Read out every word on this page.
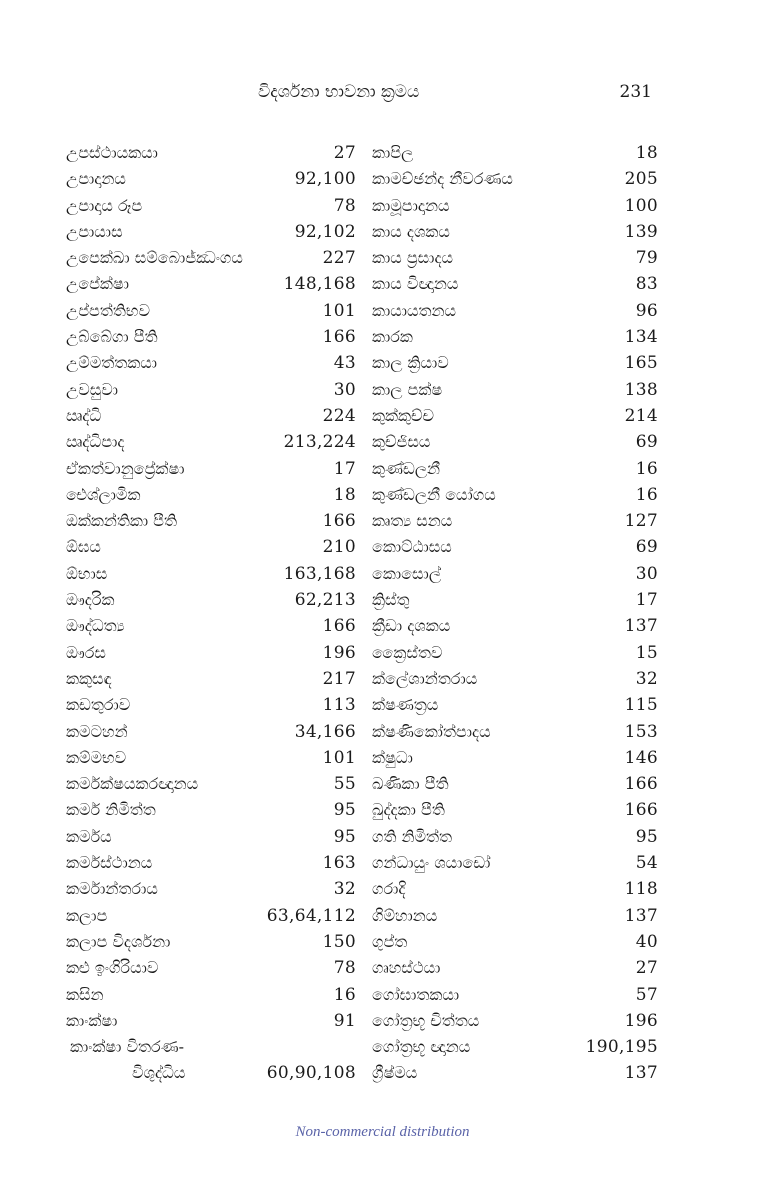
විදර්ශනා භාවනා ක්‍රමය	231
උපස්ථායකයා	27
උපාදානය	92,100
උපාදාය රූප	78
උපායාස	92,102
උපෙක්ඛා සම්බොජ්ඣංගය	227
උපේක්ෂා	148,168
උප්පත්තිභව	101
උබ්බේගා පීති	166
උම්මත්තකයා	43
උවසුවා	30
ඍද්ධි	224
ඍද්ධිපාද	213,224
ඒකත්වානුප්‍රේක්ෂා	17
ඓශ්ලාමික	18
ඔක්කන්තිකා පීති	166
ඕඝය	210
ඕභාස	163,168
ඖදරික	62,213
ඖද්ධත්‍ය	166
ඖරස	196
කකුසඳ	217
කඩතුරාව	113
කමටහන්	34,166
කම්මභව	101
කර්මක්ෂයකරඥානය	55
කර්ම නිමිත්ත	95
කර්මය	95
කර්මස්ථානය	163
කර්මාන්තරාය	32
කලාප	63,64,112
කලාප විදර්ශනා	150
කළු ඉංගිරියාව	78
කසින	16
කාංක්ෂා	91
කාංක්ෂා විතරණ-
විශුද්ධිය	60,90,108
කාපිල	18
කාමච්ඡන්ද නීවරණය	205
කාමූපාදානය	100
කාය දශකය	139
කාය ප්‍රසාදය	79
කාය විඥානය	83
කායායතනය	96
කාරක	134
කාල ක්‍රියාව	165
කාල පක්ෂ	138
කුක්කුච්ච	214
කුච්ජිසය	69
කුණ්ඩලනී	16
කුණ්ඩලනී යෝගය	16
කෘත්‍ය සනය	127
කොට්ඨාසය	69
කොසොල්	30
ක්‍රිස්තු	17
ක්‍රීඩා දශකය	137
ක්‍රෛස්තව	15
ක්ලේශාන්තරාය	32
ක්ෂණත්‍රය	115
ක්ෂණිකෝත්පාදය	153
ක්ෂුධා	146
ඛණිකා පීති	166
ඛුද්දකා පීති	166
ගති නිමිත්ත	95
ගන්ධායුං ශයාඩෝ	54
ගරාදි	118
ගිම්හානය	137
ගුප්ත	40
ගෘහස්ථයා	27
ගෝඝාතකයා	57
ගෝත්‍රභූ චිත්තය	196
ගෝත්‍රභූ ඥානය	190,195
ග්‍රීෂ්මය	137
Non-commercial distribution
